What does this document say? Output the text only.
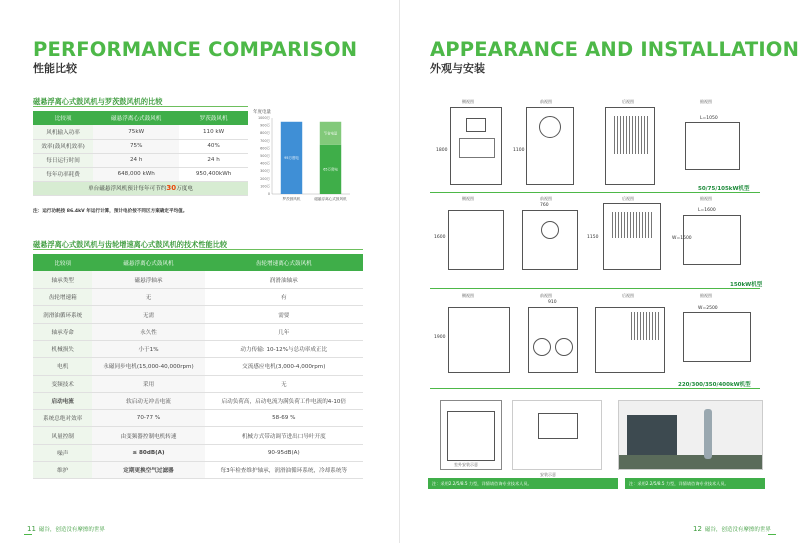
PERFORMANCE COMPARISON
性能比较
磁悬浮离心式鼓风机与罗茨鼓风机的比较
比较项	磁悬浮离心式鼓风机	罗茨鼓风机
风机输入功率	75kW	110 kW
效率(鼓风机效率)	75%	40%
每日运行时间	24 h	24 h
每年功率耗费	648,000 kWh	950,400kWh
单台磁悬浮风机预计每年可节约30万度电		
注：运行功耗按 86.4kV 年运行计算，预计电价按不同区方案确定平均值。
年度电量
0
100万
200万
300万
400万
500万
600万
700万
800万
900万
1000万
95万度电
罗茨鼓风机
65万度电
节省电量
磁悬浮离心式鼓风机
磁悬浮离心式鼓风机与齿轮增速离心式鼓风机的技术性能比较
比较项	磁悬浮离心式鼓风机	齿轮增速离心式鼓风机
轴承类型	磁悬浮轴承	润滑油轴承
齿轮增速箱	无	有
润滑油循环系统	无需	需要
轴承寿命	永久性	几年
机械损失	小于1%	动力传输: 10-12%与总功率成正比
电机	永磁同步电机(15,000-40,000rpm)	交流感应电机(3,000-4,000rpm)
变频技术	采用	无
启动电流	软启动无冲击电流	启动负荷高，启动电流为满负荷工作电流的4-10倍
系统总绝对效率	70-77 %	58-69 %
风量控制	由变频器控制电机转速	机械方式带动调节进出口导叶开度
噪声	≤ 80dB(A)	90-95dB(A)
维护	定期更换空气过滤器	每3年检查维护轴承，润滑油循环系统，冷却系统等
11 磁谷，创造没有摩擦的世界
APPEARANCE AND INSTALLATION
外观与安装
侧视图	前视图	后视图	俯视图
1800	1100
L=1050
50/75/105kW机型
侧视图	前视图	后视图	俯视图
760
1600	1150
L=1600
W=1500
150kW机型
侧视图	前视图	后视图	俯视图
910
1900
W=2500
220/300/350/400kW机型
室外安装示意
安装示意
注：采用2.2/5/8.5 力型，详情请咨询专业技术人员。	注：采用2.2/5/8.5 力型，详情请咨询专业技术人员。
12 磁谷，创造没有摩擦的世界
